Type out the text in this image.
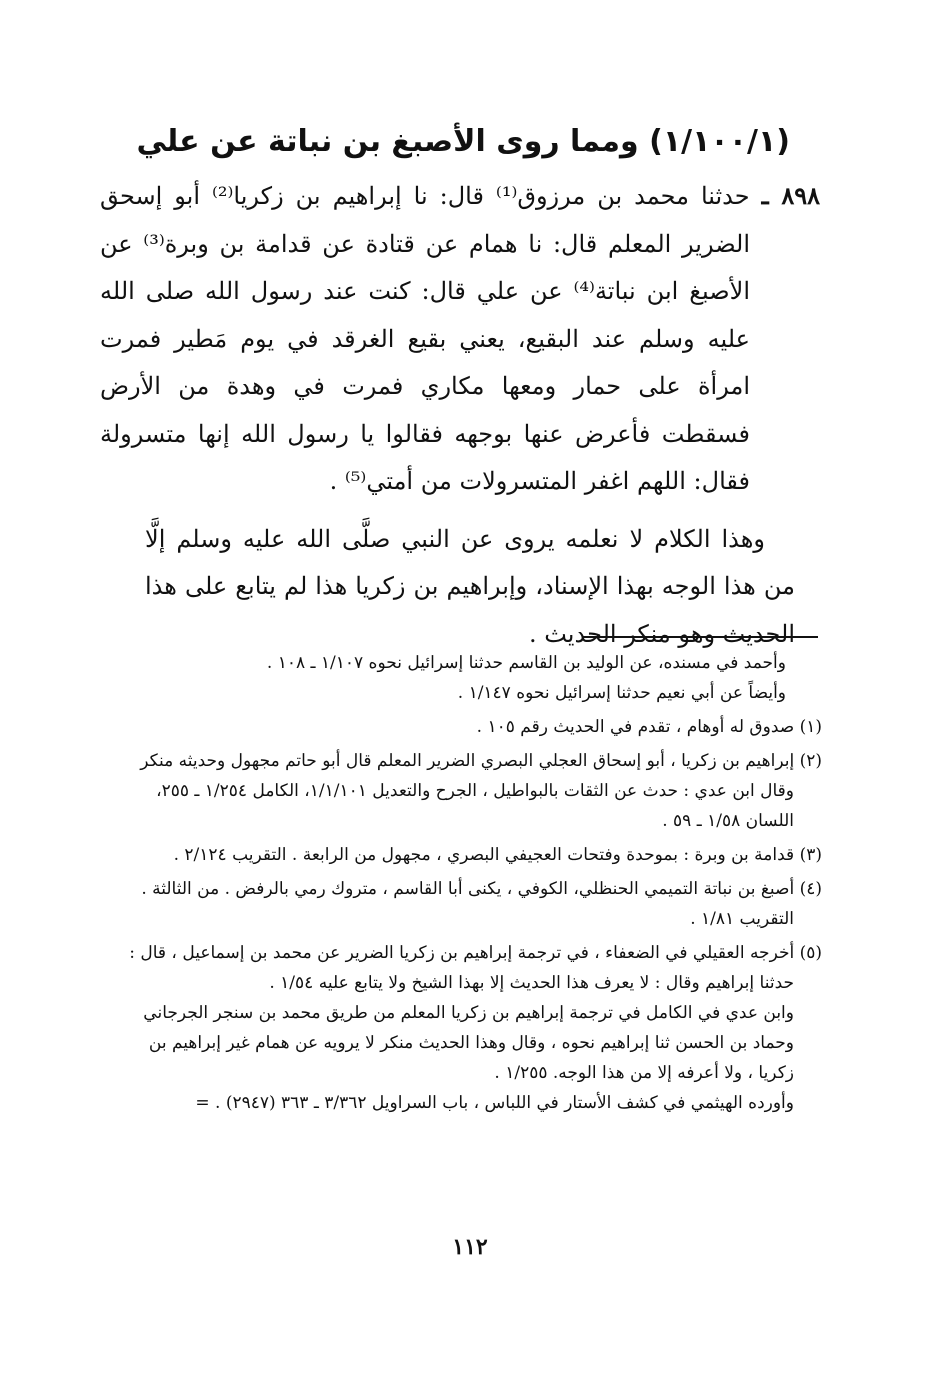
(١/١٠٠/١) ومما روى الأصبغ بن نباتة عن علي

٨٩٨ ـ حدثنا محمد بن مرزوق⁽¹⁾ قال: نا إبراهيم بن زكريا⁽²⁾ أبو إسحق الضرير المعلم قال: نا همام عن قتادة عن قدامة بن وبرة⁽³⁾ عن الأصبغ ابن نباتة⁽⁴⁾ عن علي قال: كنت عند رسول الله صلى الله عليه وسلم عند البقيع، يعني بقيع الغرقد في يوم مَطير فمرت امرأة على حمار ومعها مكاري فمرت في وهدة من الأرض فسقطت فأعرض عنها بوجهه فقالوا يا رسول الله إنها متسرولة فقال: اللهم اغفر المتسرولات من أمتي⁽⁵⁾ .

وهذا الكلام لا نعلمه يروى عن النبي صلَّى الله عليه وسلم إلَّا من هذا الوجه بهذا الإسناد، وإبراهيم بن زكريا هذا لم يتابع على هذا الحديث وهو منكر الحديث .

وأحمد في مسنده، عن الوليد بن القاسم حدثنا إسرائيل نحوه ١/١٠٧ ـ ١٠٨ .

وأيضاً عن أبي نعيم حدثنا إسرائيل نحوه ١/١٤٧ .

(١) صدوق له أوهام ، تقدم في الحديث رقم ١٠٥ .

(٢) إبراهيم بن زكريا ، أبو إسحاق العجلي البصري الضرير المعلم قال أبو حاتم مجهول وحديثه منكر وقال ابن عدي : حدث عن الثقات بالبواطيل ، الجرح والتعديل ١/١/١٠١، الكامل ١/٢٥٤ ـ ٢٥٥، اللسان ١/٥٨ ـ ٥٩ .

(٣) قدامة بن وبرة : بموحدة وفتحات العجيفي البصري ، مجهول من الرابعة . التقريب ٢/١٢٤ .

(٤) أصبغ بن نباتة التميمي الحنظلي، الكوفي ، يكنى أبا القاسم ، متروك رمي بالرفض . من الثالثة . التقريب ١/٨١ .

(٥) أخرجه العقيلي في الضعفاء ، في ترجمة إبراهيم بن زكريا الضرير عن محمد بن إسماعيل ، قال : حدثنا إبراهيم وقال : لا يعرف هذا الحديث إلا بهذا الشيخ ولا يتابع عليه ١/٥٤ .

وابن عدي في الكامل في ترجمة إبراهيم بن زكريا المعلم من طريق محمد بن سنجر الجرجاني وحماد بن الحسن ثنا إبراهيم نحوه ، وقال وهذا الحديث منكر لا يرويه عن همام غير إبراهيم بن زكريا ، ولا أعرفه إلا من هذا الوجه. ١/٢٥٥ .

وأورده الهيثمي في كشف الأستار في اللباس ، باب السراويل ٣/٣٦٢ ـ ٣٦٣ (٢٩٤٧) . =

١١٢
